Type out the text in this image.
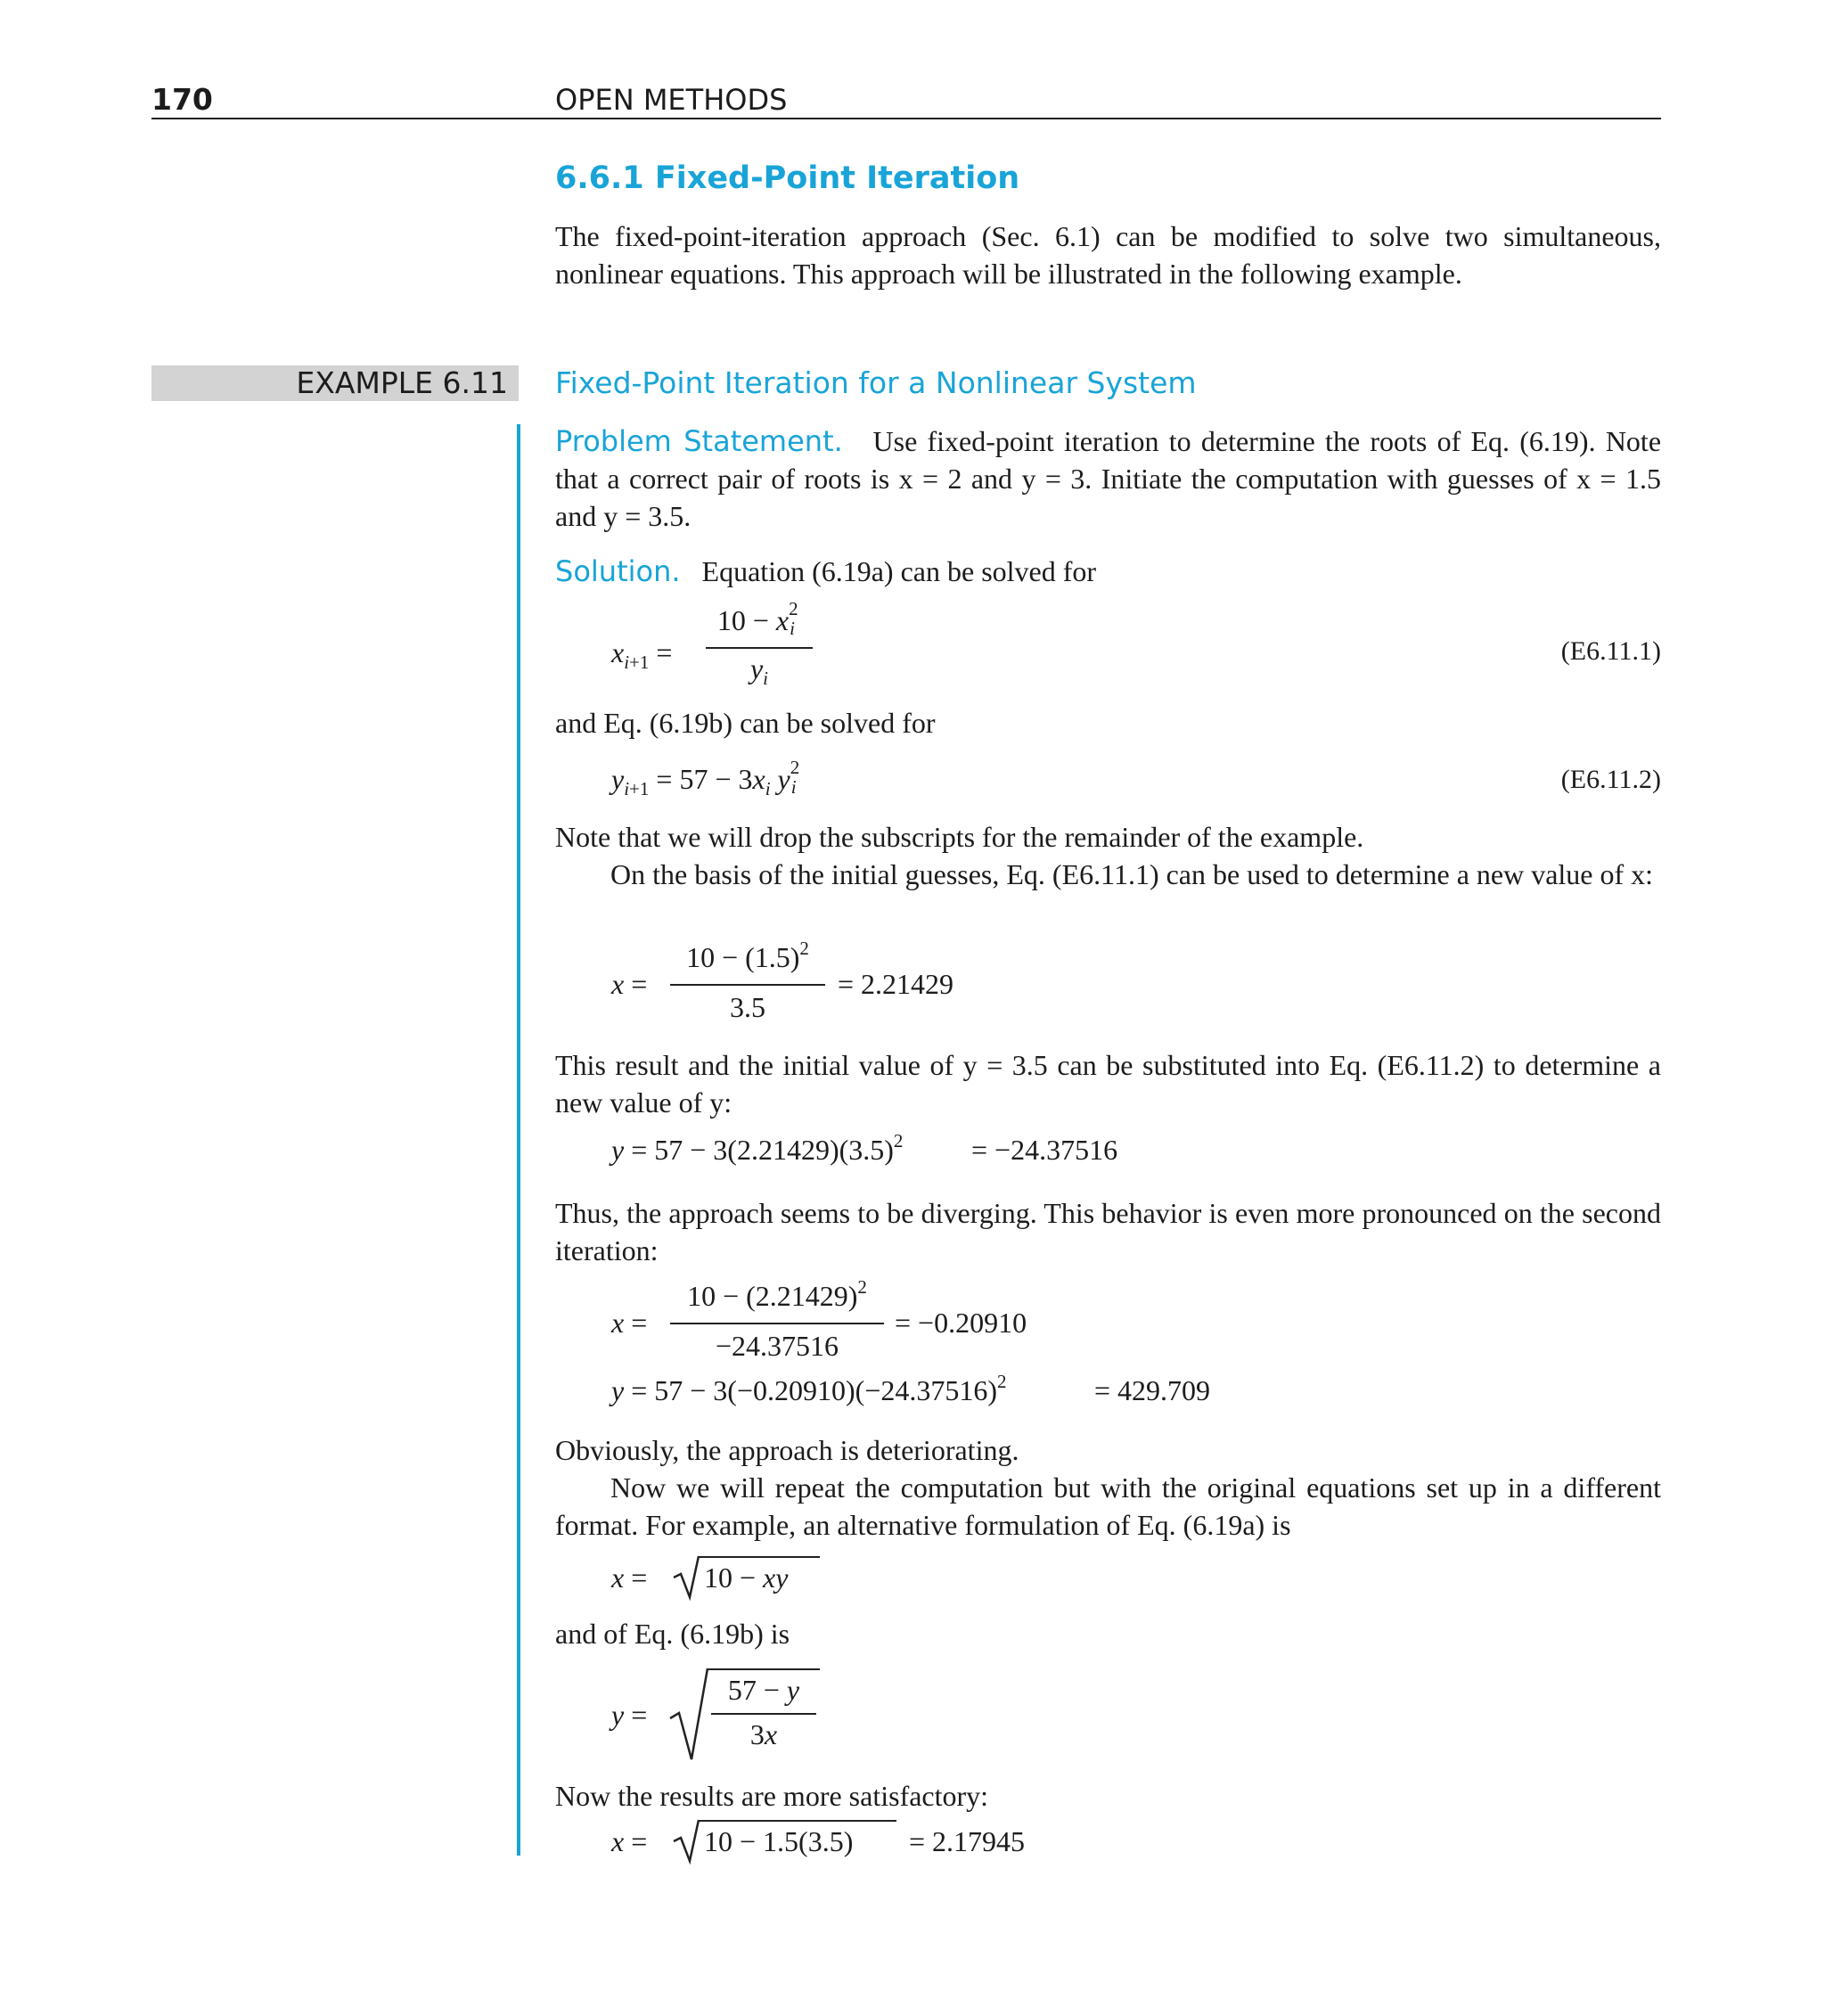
170	OPEN METHODS
6.6.1 Fixed-Point Iteration
The fixed-point-iteration approach (Sec. 6.1) can be modified to solve two simultaneous, nonlinear equations. This approach will be illustrated in the following example.
EXAMPLE 6.11 Fixed-Point Iteration for a Nonlinear System
Problem Statement. Use fixed-point iteration to determine the roots of Eq. (6.19). Note that a correct pair of roots is x = 2 and y = 3. Initiate the computation with guesses of x = 1.5 and y = 3.5.
Solution. Equation (6.19a) can be solved for
$x_{i+1}$ =
10 − x 2
i
$y_i$
(E6.11.1)
and Eq. (6.19b) can be solved for
$y_{i+1} = 57 - 3x_i$ y 2
i	(E6.11.2)
Note that we will drop the subscripts for the remainder of the example.
On the basis of the initial guesses, Eq. (E6.11.1) can be used to determine a new value of x:
x =
$10 - (1.5)^2$
3.5
= 2.21429
This result and the initial value of y = 3.5 can be substituted into Eq. (E6.11.2) to determine a new value of y:
$y = 57 - 3(2.21429)(3.5)^2 = -24.37516$
Thus, the approach seems to be diverging. This behavior is even more pronounced on the second iteration:
x =
$10 - (2.21429)^2$
−24.37516
= −0.20910
$y = 57 - 3(-0.20910)(-24.37516)^2$	= 429.709
Obviously, the approach is deteriorating.
Now we will repeat the computation but with the original equations set up in a different format. For example, an alternative formulation of Eq. (6.19a) is
x = 10 − xy
and of Eq. (6.19b) is
y =
57 − y
3x
Now the results are more satisfactory:
x = 10 − 1.5(3.5) = 2.17945
